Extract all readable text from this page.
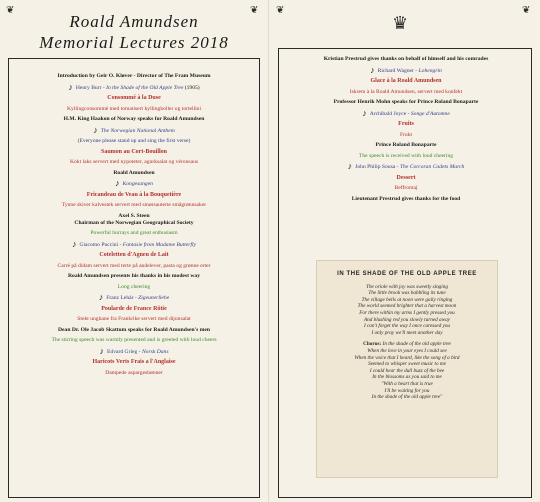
❦	❦
Roald Amundsen
Memorial Lectures 2018
Introduction by Geir O. Kløver - Director of The Fram Museum
♪ Henry Burr - In the Shade of the Old Apple Tree (1905)
Consommé à la Duse
Kyllingconsommé med tomatisert kyllingboller og tortellini
H.M. King Haakon of Norway speaks for Roald Amundsen
♪ The Norwegian National Anthem
(Everyone please stand up and sing the first verse)
Saumon au Cort-Bouillon
Kokt laks servert med nypoteter, agurksalat og véronsaus
Roald Amundsen
♪ Kongesangen
Fricandeau de Veau à la Bouquetière
Tynne skiver kalvestek servert med smørsauterte smågrønnsaker
Axel S. Steen
Chairman of the Norwegian Geographical Society
Powerful hurrays and great enthusiasm
♪ Giacomo Puccini - Fantasie from Madame Butterfly
Coteletten d'Agneu de Lait
Carré på didam servert med terte på andelever, pasta og grønne erter
Roald Amundsen presents his thanks in his modest way
Long cheering
♪ Franz Lehár - Zigeunerliebe
Poularde de France Rôtie
Stekt unghane fra Frankrike servert med dijonsalat
Dean Dr. Ole Jacob Skattum speaks for Roald Amundsen's men
The stirring speech was warmly presented and is greeted with loud cheers
♪ Edvard Grieg - Norsk Dans
Haricots Verts Frais a l'Anglaise
Dampede aspargesbønner
❦	❦
♛
Kristian Prestrud gives thanks on behalf of himself and his comrades
♪ Richard Wagner - Lohengrin
Glace à la Roald Amundsen
Iskrem à la Roald Amundsen, servert med konfekt
Professor Henrik Mohn speaks for Prince Roland Bonaparte
♪ Archibald Joyce - Songe d'Automne
Fruits
Frukt
Prince Roland Bonaparte
The speech is received with loud cheering
♪ John Philip Sousa - The Corcoran Cadets March
Dessert
Beffromaj
Lieutenant Prestrud gives thanks for the food
IN THE SHADE OF THE OLD APPLE TREE
The oriole with joy was sweetly singing
The little brook was babbling its tune
The village bells at noon were gaily ringing
The world seemed brighter that a harvest moon
For there within my arms I gently pressed you
And blushing red you slowly turned away
I can't forget the way I once caressed you
I only pray we'll meet another day
Chorus: In the shade of the old apple tree
When the love in your eyes I could see
When the voice that I heard, like the song of a bird
Seemed to whisper sweet music to me
I could hear the dull buzz of the bee
In the blossoms as you said to me
"With a heart that is true
I'll be waiting for you
In the shade of the old apple tree"
